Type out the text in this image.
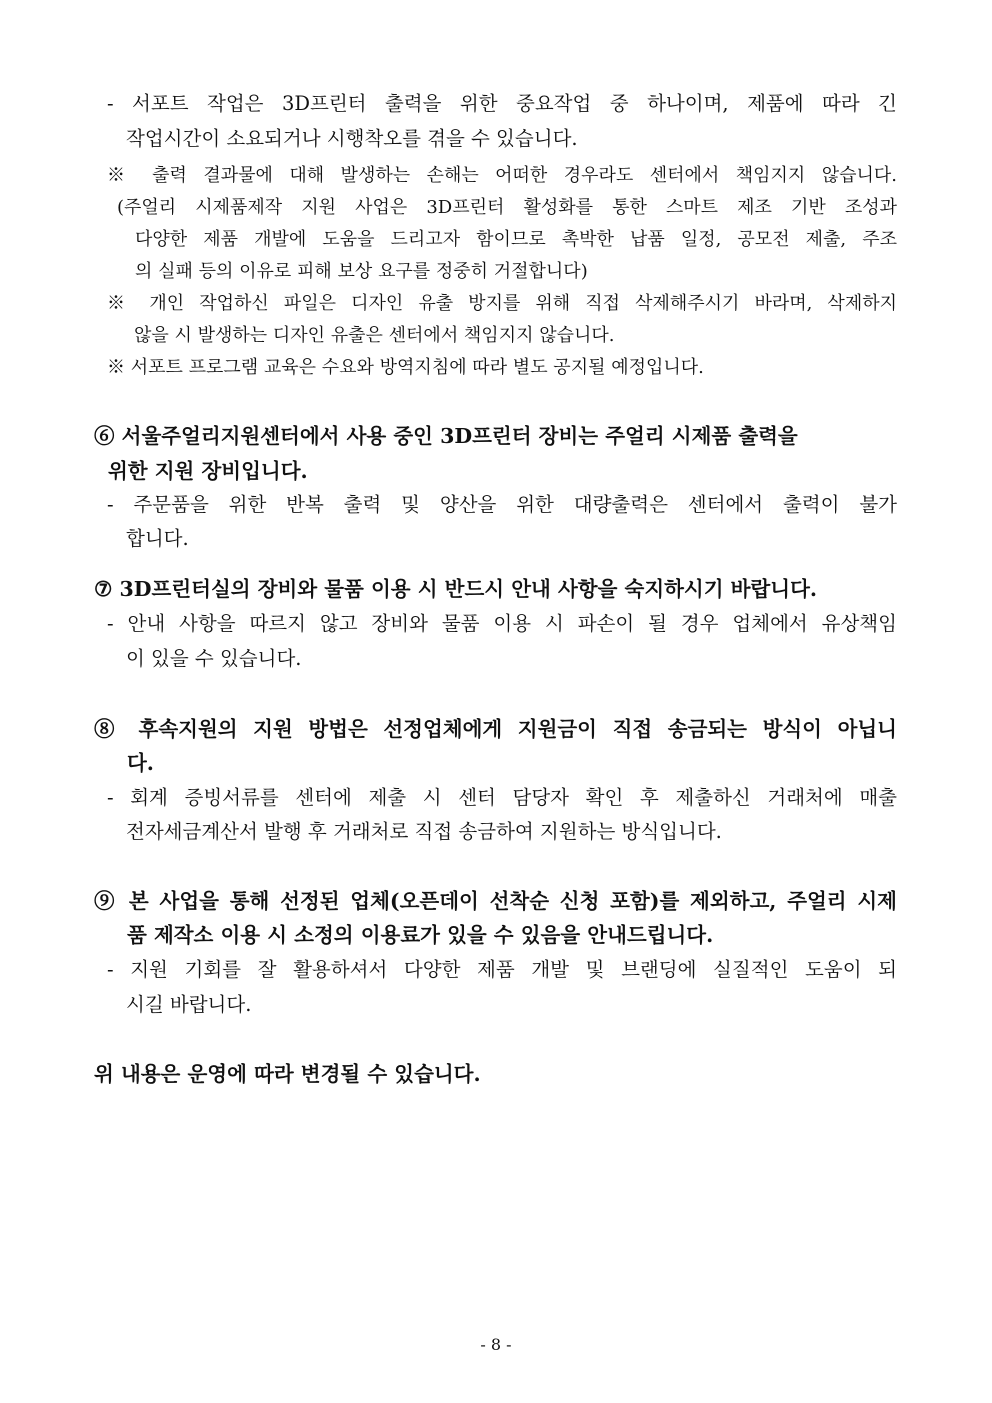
- 서포트 작업은 3D프린터 출력을 위한 중요작업 중 하나이며, 제품에 따라 긴
작업시간이 소요되거나 시행착오를 겪을 수 있습니다.
※ 출력 결과물에 대해 발생하는 손해는 어떠한 경우라도 센터에서 책임지지 않습니다.
(주얼리 시제품제작 지원 사업은 3D프린터 활성화를 통한 스마트 제조 기반 조성과
다양한 제품 개발에 도움을 드리고자 함이므로 촉박한 납품 일정, 공모전 제출, 주조
의 실패 등의 이유로 피해 보상 요구를 정중히 거절합니다)
※ 개인 작업하신 파일은 디자인 유출 방지를 위해 직접 삭제해주시기 바라며, 삭제하지
않을 시 발생하는 디자인 유출은 센터에서 책임지지 않습니다.
※ 서포트 프로그램 교육은 수요와 방역지침에 따라 별도 공지될 예정입니다.
⑥ 서울주얼리지원센터에서 사용 중인 3D프린터 장비는 주얼리 시제품 출력을
위한 지원 장비입니다.
- 주문품을 위한 반복 출력 및 양산을 위한 대량출력은 센터에서 출력이 불가
합니다.
⑦ 3D프린터실의 장비와 물품 이용 시 반드시 안내 사항을 숙지하시기 바랍니다.
- 안내 사항을 따르지 않고 장비와 물품 이용 시 파손이 될 경우 업체에서 유상책임
이 있을 수 있습니다.
⑧ 후속지원의 지원 방법은 선정업체에게 지원금이 직접 송금되는 방식이 아닙니
다.
- 회계 증빙서류를 센터에 제출 시 센터 담당자 확인 후 제출하신 거래처에 매출
전자세금계산서 발행 후 거래처로 직접 송금하여 지원하는 방식입니다.
⑨ 본 사업을 통해 선정된 업체(오픈데이 선착순 신청 포함)를 제외하고, 주얼리 시제
품 제작소 이용 시 소정의 이용료가 있을 수 있음을 안내드립니다.
- 지원 기회를 잘 활용하셔서 다양한 제품 개발 및 브랜딩에 실질적인 도움이 되
시길 바랍니다.
위 내용은 운영에 따라 변경될 수 있습니다.
- 8 -
